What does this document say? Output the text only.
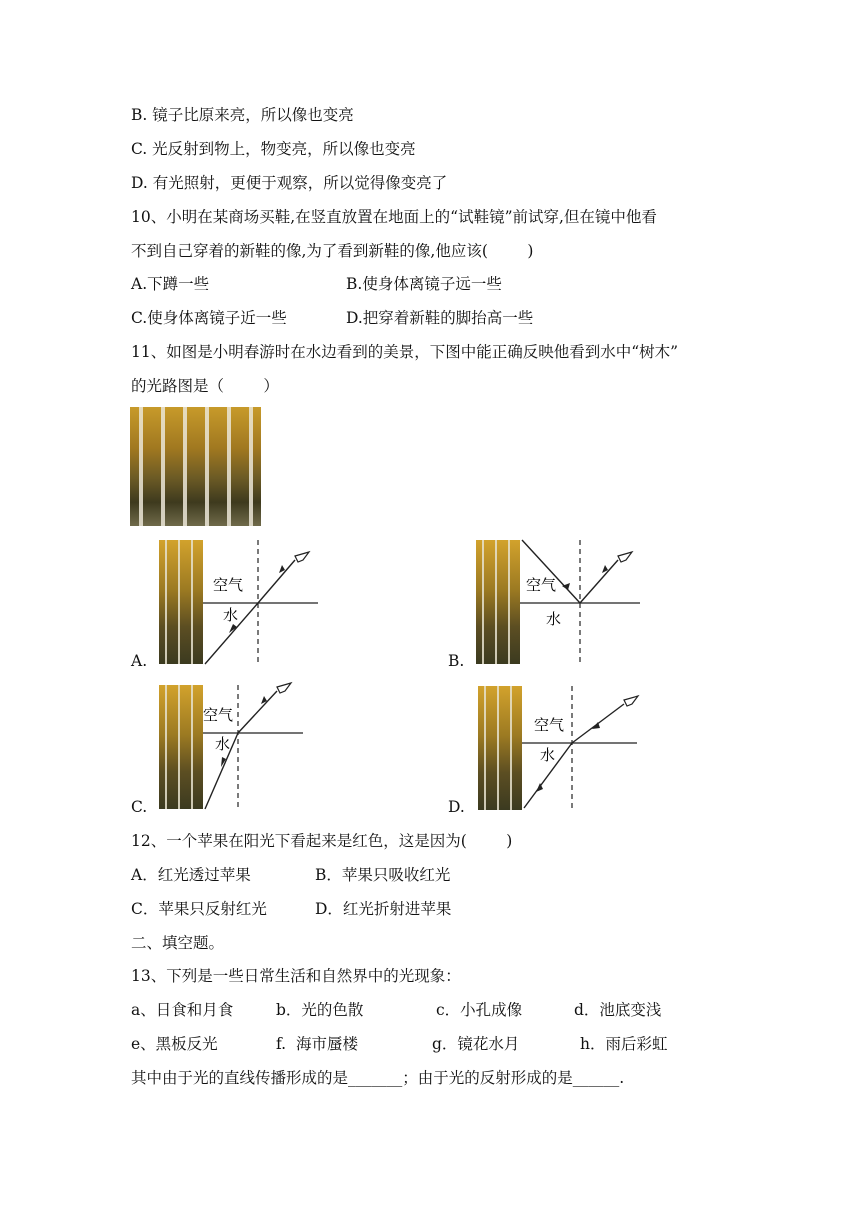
B. 镜子比原来亮，所以像也变亮
C. 光反射到物上，物变亮，所以像也变亮
D. 有光照射，更便于观察，所以觉得像变亮了
10、小明在某商场买鞋,在竖直放置在地面上的“试鞋镜”前试穿,但在镜中他看
不到自己穿着的新鞋的像,为了看到新鞋的像,他应该(        )
A.下蹲一些	B.使身体离镜子远一些
C.使身体离镜子近一些	D.把穿着新鞋的脚抬高一些
11、如图是小明春游时在水边看到的美景，下图中能正确反映他看到水中“树木”
的光路图是（        ）
空气
水
A.
空气
水
B.
空气
水
C.
空气
水
D.
12、一个苹果在阳光下看起来是红色，这是因为(        )
A．红光透过苹果	B．苹果只吸收红光
C．苹果只反射红光	D．红光折射进苹果
二、填空题。
13、下列是一些日常生活和自然界中的光现象：
a、日食和月食	b．光的色散	c．小孔成像	d．池底变浅
e、黑板反光	f.  海市蜃楼	g．镜花水月	h．雨后彩虹
其中由于光的直线传播形成的是_______；由于光的反射形成的是______.
